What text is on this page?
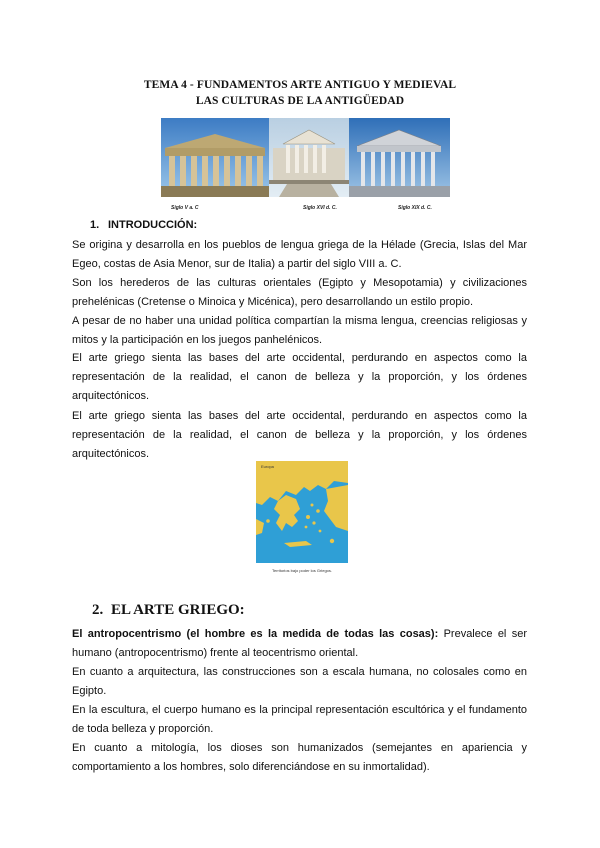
TEMA 4 - FUNDAMENTOS ARTE ANTIGUO Y MEDIEVAL
LAS CULTURAS DE LA ANTIGÜEDAD
Siglo V a. C	Siglo XVI d. C.	Siglo XIX d. C.
1. INTRODUCCIÓN:
Se origina y desarrolla en los pueblos de lengua griega de la Hélade (Grecia, Islas del Mar Egeo, costas de Asia Menor, sur de Italia) a partir del siglo VIII a. C.
Son los herederos de las culturas orientales (Egipto y Mesopotamia) y civilizaciones prehelénicas (Cretense o Minoica y Micénica), pero desarrollando un estilo propio.
A pesar de no haber una unidad política compartían la misma lengua, creencias religiosas y mitos y la participación en los juegos panhelénicos.
El arte griego sienta las bases del arte occidental, perdurando en aspectos como la representación de la realidad, el canon de belleza y la proporción, y los órdenes arquitectónicos.
El arte griego sienta las bases del arte occidental, perdurando en aspectos como la representación de la realidad, el canon de belleza y la proporción, y los órdenes arquitectónicos.
Europa
Territorios bajo poder los Griegos.
2. EL ARTE GRIEGO:
El antropocentrismo (el hombre es la medida de todas las cosas): Prevalece el ser humano (antropocentrismo) frente al teocentrismo oriental.
En cuanto a arquitectura, las construcciones son a escala humana, no colosales como en Egipto.
En la escultura, el cuerpo humano es la principal representación escultórica y el fundamento de toda belleza y proporción.
En cuanto a mitología, los dioses son humanizados (semejantes en apariencia y comportamiento a los hombres, solo diferenciándose en su inmortalidad).
